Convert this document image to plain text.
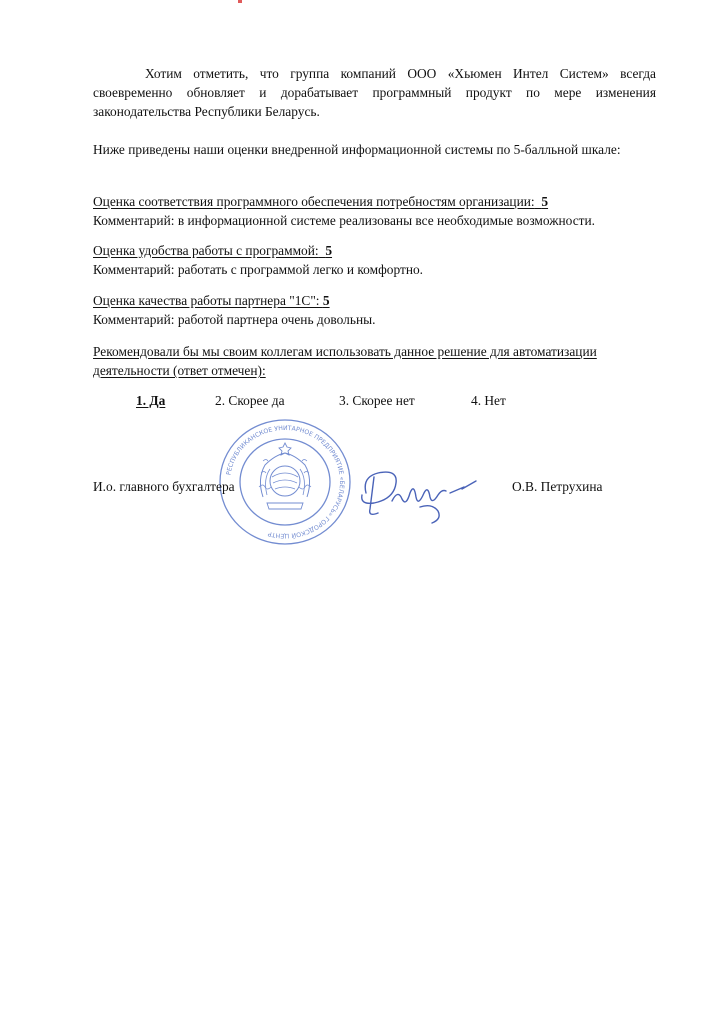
Хотим отметить, что группа компаний ООО «Хьюмен Интел Систем» всегда своевременно обновляет и дорабатывает программный продукт по мере изменения законодательства Республики Беларусь.

Ниже приведены наши оценки внедренной информационной системы по 5-балльной шкале:

Оценка соответствия программного обеспечения потребностям организации: 5
Комментарий: в информационной системе реализованы все необходимые возможности.
Оценка удобства работы с программой: 5
Комментарий: работать с программой легко и комфортно.
Оценка качества работы партнера "1С": 5
Комментарий: работой партнера очень довольны.

Рекомендовали бы мы своим коллегам использовать данное решение для автоматизации деятельности (ответ отмечен):

1. Да	2. Скорее да	3. Скорее нет	4. Нет
РЕСПУБЛИКАНСКОЕ УНИТАРНОЕ ПРЕДПРИЯТИЕ «БЕЛАРУСЬ» ГОРОДСКОЙ ЦЕНТР
И.о. главного бухгалтера	О.В. Петрухина
